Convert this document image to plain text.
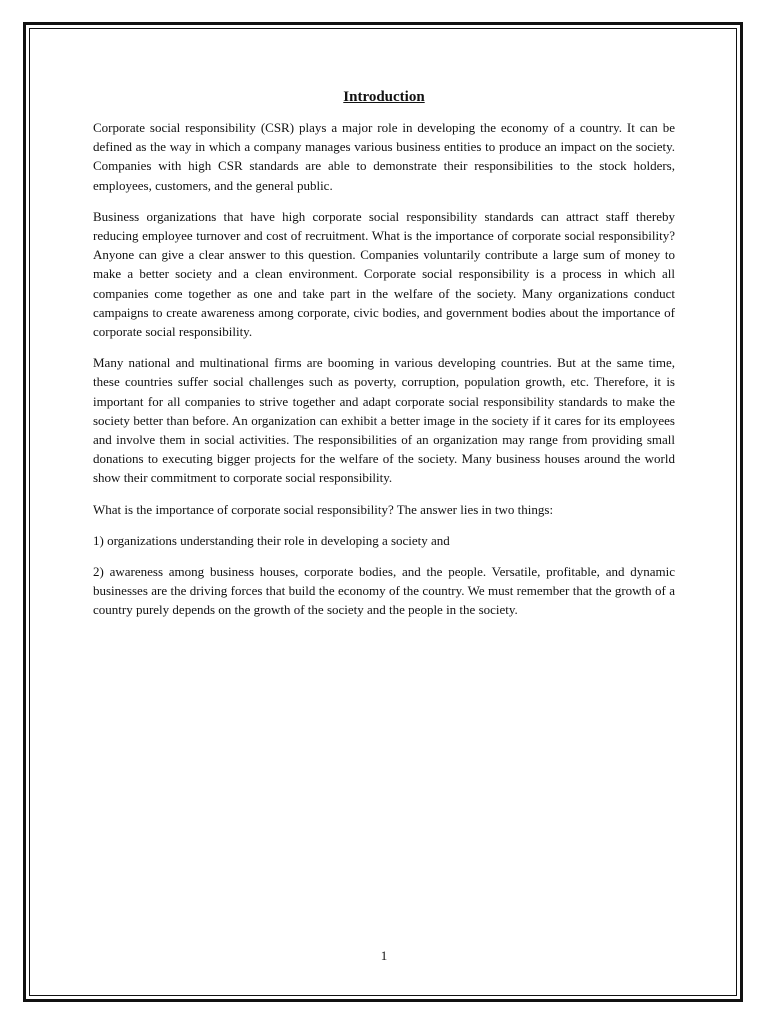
Introduction

Corporate social responsibility (CSR) plays a major role in developing the economy of a country. It can be defined as the way in which a company manages various business entities to produce an impact on the society. Companies with high CSR standards are able to demonstrate their responsibilities to the stock holders, employees, customers, and the general public.

Business organizations that have high corporate social responsibility standards can attract staff thereby reducing employee turnover and cost of recruitment. What is the importance of corporate social responsibility? Anyone can give a clear answer to this question. Companies voluntarily contribute a large sum of money to make a better society and a clean environment. Corporate social responsibility is a process in which all companies come together as one and take part in the welfare of the society. Many organizations conduct campaigns to create awareness among corporate, civic bodies, and government bodies about the importance of corporate social responsibility.

Many national and multinational firms are booming in various developing countries. But at the same time, these countries suffer social challenges such as poverty, corruption, population growth, etc. Therefore, it is important for all companies to strive together and adapt corporate social responsibility standards to make the society better than before. An organization can exhibit a better image in the society if it cares for its employees and involve them in social activities. The responsibilities of an organization may range from providing small donations to executing bigger projects for the welfare of the society. Many business houses around the world show their commitment to corporate social responsibility.

What is the importance of corporate social responsibility? The answer lies in two things:

1) organizations understanding their role in developing a society and

2) awareness among business houses, corporate bodies, and the people. Versatile, profitable, and dynamic businesses are the driving forces that build the economy of the country. We must remember that the growth of a country purely depends on the growth of the society and the people in the society.

1
